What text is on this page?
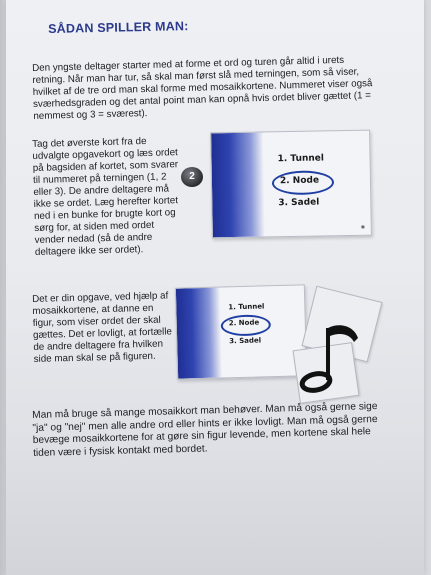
SÅDAN SPILLER MAN:
Den yngste deltager starter med at forme et ord og turen går altid i urets retning. Når man har tur, så skal man først slå med terningen, som så viser, hvilket af de tre ord man skal forme med mosaikkortene. Nummeret viser også sværhedsgraden og det antal point man kan opnå hvis ordet bliver gættet (1 = nemmest og 3 = sværest).
Tag det øverste kort fra de udvalgte opgavekort og læs ordet på bagsiden af kortet, som svarer til nummeret på terningen (1, 2 eller 3). De andre deltagere må ikke se ordet. Læg herefter kortet ned i en bunke for brugte kort og sørg for, at siden med ordet vender nedad (så de andre deltagere ikke ser ordet).
2
1. Tunnel
2. Node
3. Sadel
■
Det er din opgave, ved hjælp af mosaikkortene, at danne en figur, som viser ordet der skal gættes. Det er lovligt, at fortælle de andre deltagere fra hvilken side man skal se på figuren.
1. Tunnel
2. Node
3. Sadel
Man må bruge så mange mosaikkort man behøver. Man må også gerne sige "ja" og "nej" men alle andre ord eller hints er ikke lovligt. Man må også gerne bevæge mosaikkortene for at gøre sin figur levende, men kortene skal hele tiden være i fysisk kontakt med bordet.
